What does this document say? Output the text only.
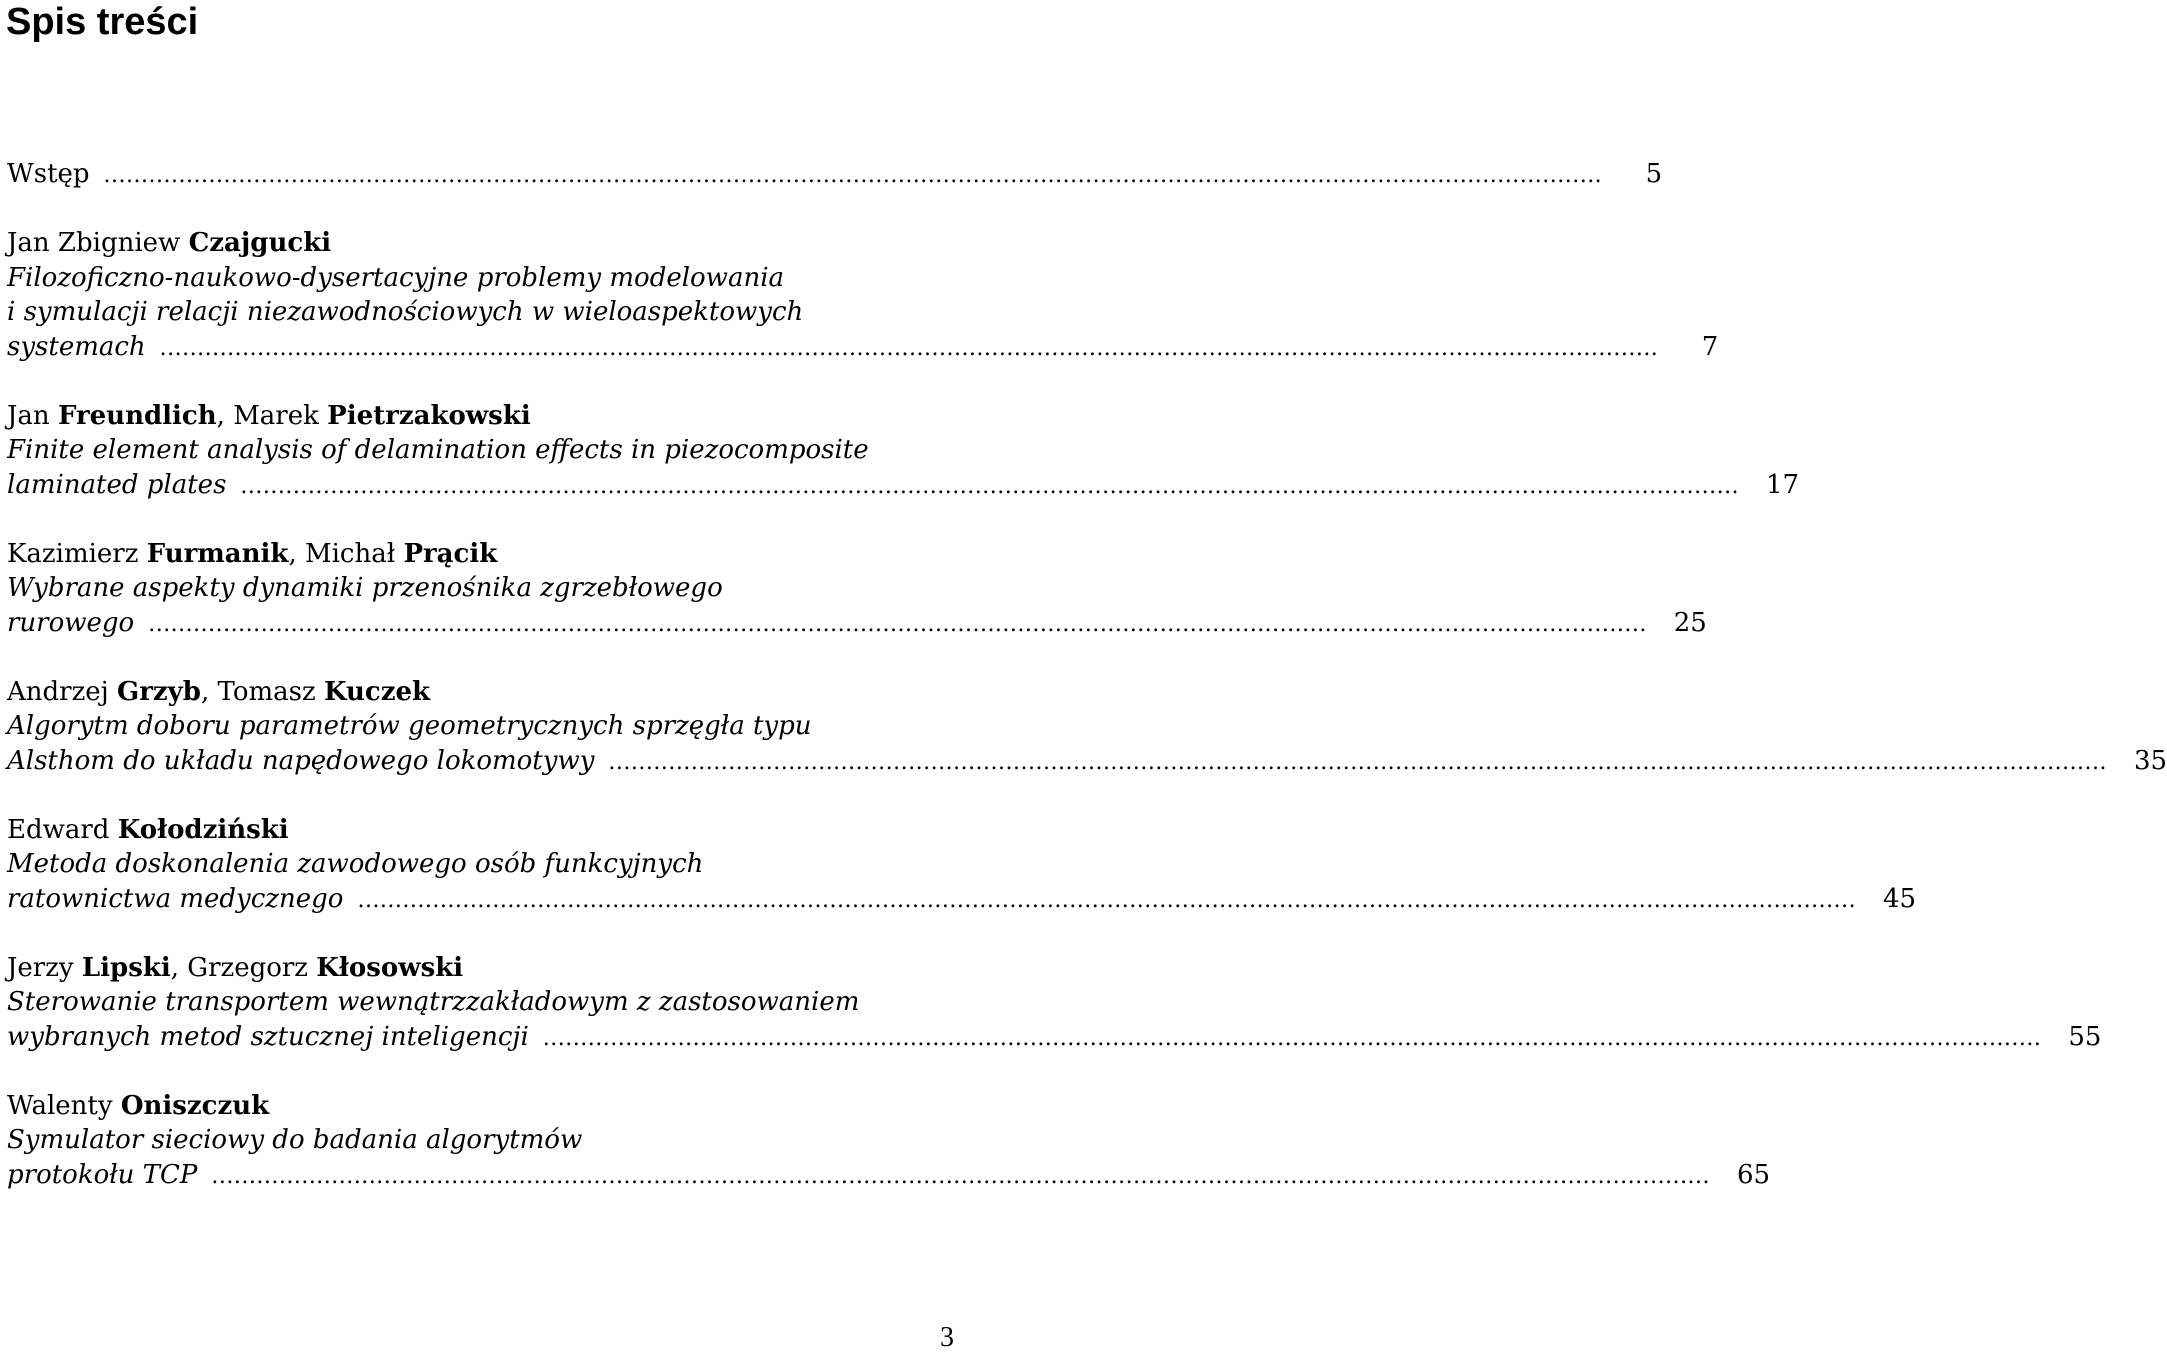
Spis treści
Wstęp ........................................................................................................................................................................................................	5
Jan Zbigniew Czajgucki
Filozoficzno-naukowo-dysertacyjne problemy modelowania
i symulacji relacji niezawodnościowych w wieloaspektowych
systemach ........................................................................................................................................................................................................	7
Jan Freundlich, Marek Pietrzakowski
Finite element analysis of delamination effects in piezocomposite
laminated plates ........................................................................................................................................................................................................ 17
Kazimierz Furmanik, Michał Prącik
Wybrane aspekty dynamiki przenośnika zgrzebłowego
rurowego ........................................................................................................................................................................................................ 25
Andrzej Grzyb, Tomasz Kuczek
Algorytm doboru parametrów geometrycznych sprzęgła typu
Alsthom do układu napędowego lokomotywy ........................................................................................................................................................................................................ 35
Edward Kołodziński
Metoda doskonalenia zawodowego osób funkcyjnych
ratownictwa medycznego ........................................................................................................................................................................................................ 45
Jerzy Lipski, Grzegorz Kłosowski
Sterowanie transportem wewnątrzzakładowym z zastosowaniem
wybranych metod sztucznej inteligencji ........................................................................................................................................................................................................ 55
Walenty Oniszczuk
Symulator sieciowy do badania algorytmów
protokołu TCP ........................................................................................................................................................................................................ 65
3
